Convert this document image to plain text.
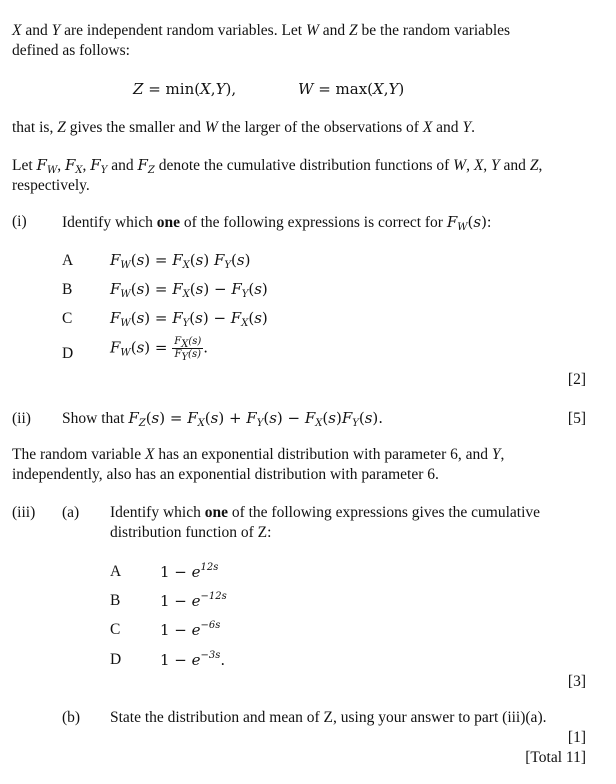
X and Y are independent random variables. Let W and Z be the random variables
defined as follows:
Z = min(X,Y),	W = max(X,Y)
that is, Z gives the smaller and W the larger of the observations of X and Y.
Let $F_W$, $F_X$, $F_Y$ and $F_Z$ denote the cumulative distribution functions of W, X, Y and Z,
respectively.
(i) Identify which one of the following expressions is correct for $F_W(s)$:
A $F_W(s) = F_X(s)$ $F_Y(s)$
B	$F_W(s) = F_X(s) - F_Y(s)$
C	$F_W(s) = F_Y(s) - F_X(s)$
D $F_W(s) = \frac{F_X(s)}{F_Y(s)}$ .
[2]
(ii) Show that $F_Z(s) = F_X(s) + F_Y(s) - F_X(s)F_Y(s)$.	[5]
The random variable X has an exponential distribution with parameter 6, and Y,
independently, also has an exponential distribution with parameter 6.
(iii) (a) Identify which one of the following expressions gives the cumulative
distribution function of Z:
A	$1 - e^{12s}$
B	$1 - e^{-12s}$
C	$1 - e^{-6s}$
D	$1 - e^{-3s}$.
[3]
(b) State the distribution and mean of Z, using your answer to part (iii)(a).
[1]
[Total 11]
